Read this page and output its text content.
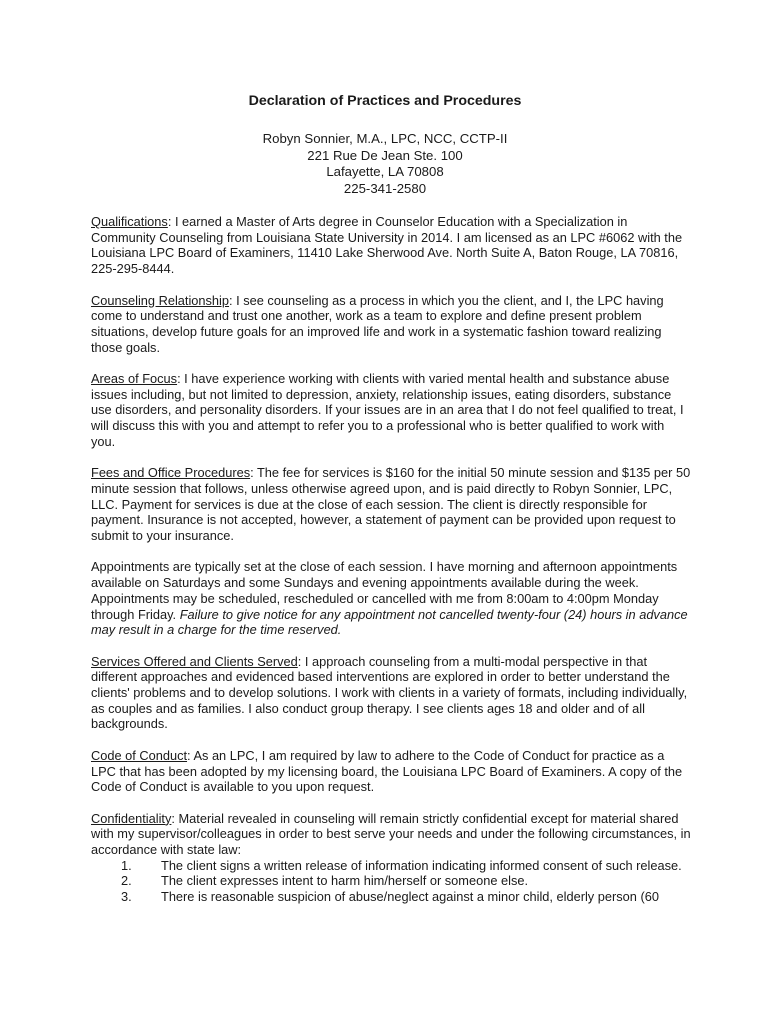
Declaration of Practices and Procedures
Robyn Sonnier, M.A., LPC, NCC, CCTP-II
221 Rue De Jean Ste. 100
Lafayette, LA 70808
225-341-2580

Qualifications: I earned a Master of Arts degree in Counselor Education with a Specialization in Community Counseling from Louisiana State University in 2014. I am licensed as an LPC #6062 with the Louisiana LPC Board of Examiners, 11410 Lake Sherwood Ave. North Suite A, Baton Rouge, LA 70816, 225-295-8444.

Counseling Relationship: I see counseling as a process in which you the client, and I, the LPC having come to understand and trust one another, work as a team to explore and define present problem situations, develop future goals for an improved life and work in a systematic fashion toward realizing those goals.

Areas of Focus: I have experience working with clients with varied mental health and substance abuse issues including, but not limited to depression, anxiety, relationship issues, eating disorders, substance use disorders, and personality disorders. If your issues are in an area that I do not feel qualified to treat, I will discuss this with you and attempt to refer you to a professional who is better qualified to work with you.

Fees and Office Procedures: The fee for services is $160 for the initial 50 minute session and $135 per 50 minute session that follows, unless otherwise agreed upon, and is paid directly to Robyn Sonnier, LPC, LLC. Payment for services is due at the close of each session. The client is directly responsible for payment. Insurance is not accepted, however, a statement of payment can be provided upon request to submit to your insurance.

Appointments are typically set at the close of each session. I have morning and afternoon appointments available on Saturdays and some Sundays and evening appointments available during the week. Appointments may be scheduled, rescheduled or cancelled with me from 8:00am to 4:00pm Monday through Friday. Failure to give notice for any appointment not cancelled twenty-four (24) hours in advance may result in a charge for the time reserved.

Services Offered and Clients Served: I approach counseling from a multi-modal perspective in that different approaches and evidenced based interventions are explored in order to better understand the clients' problems and to develop solutions. I work with clients in a variety of formats, including individually, as couples and as families. I also conduct group therapy. I see clients ages 18 and older and of all backgrounds.

Code of Conduct: As an LPC, I am required by law to adhere to the Code of Conduct for practice as a LPC that has been adopted by my licensing board, the Louisiana LPC Board of Examiners. A copy of the Code of Conduct is available to you upon request.

Confidentiality: Material revealed in counseling will remain strictly confidential except for material shared with my supervisor/colleagues in order to best serve your needs and under the following circumstances, in accordance with state law:

1. The client signs a written release of information indicating informed consent of such release.
2. The client expresses intent to harm him/herself or someone else.
3. There is reasonable suspicion of abuse/neglect against a minor child, elderly person (60
